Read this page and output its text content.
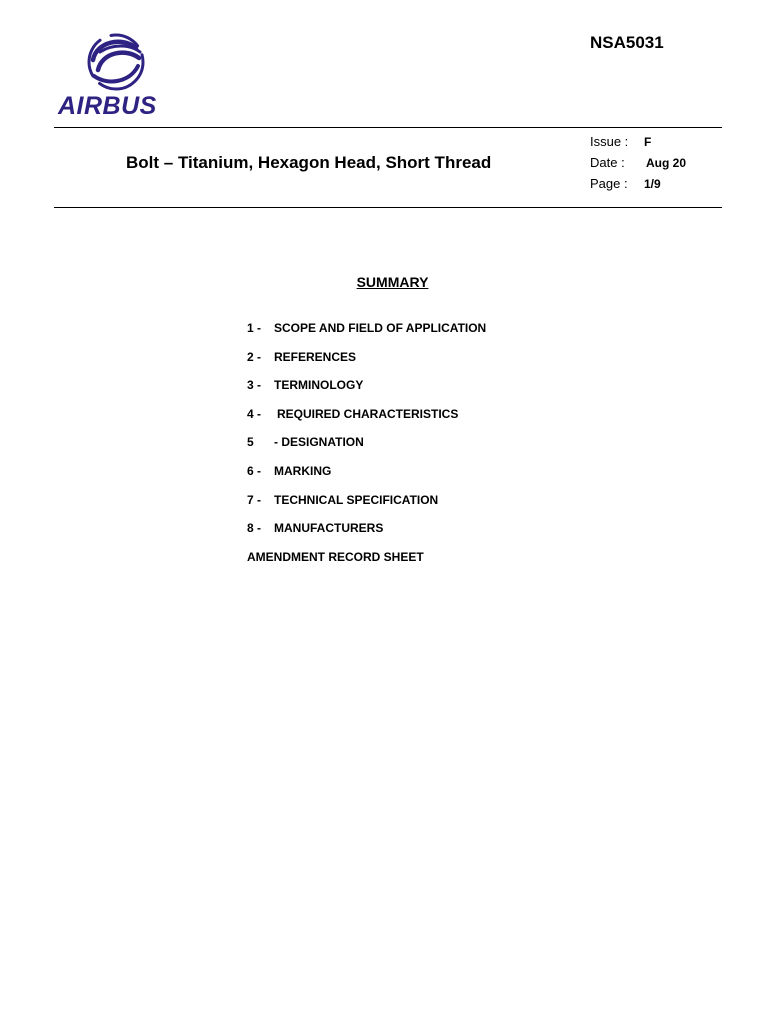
AIRBUS
NSA5031
Bolt – Titanium, Hexagon Head, Short Thread
Issue : F
Date : Aug 20
Page : 1/9
SUMMARY
1 - SCOPE AND FIELD OF APPLICATION
2 - REFERENCES
3 - TERMINOLOGY
4 - REQUIRED CHARACTERISTICS
5 - DESIGNATION
6 - MARKING
7 - TECHNICAL SPECIFICATION
8 - MANUFACTURERS
AMENDMENT RECORD SHEET
